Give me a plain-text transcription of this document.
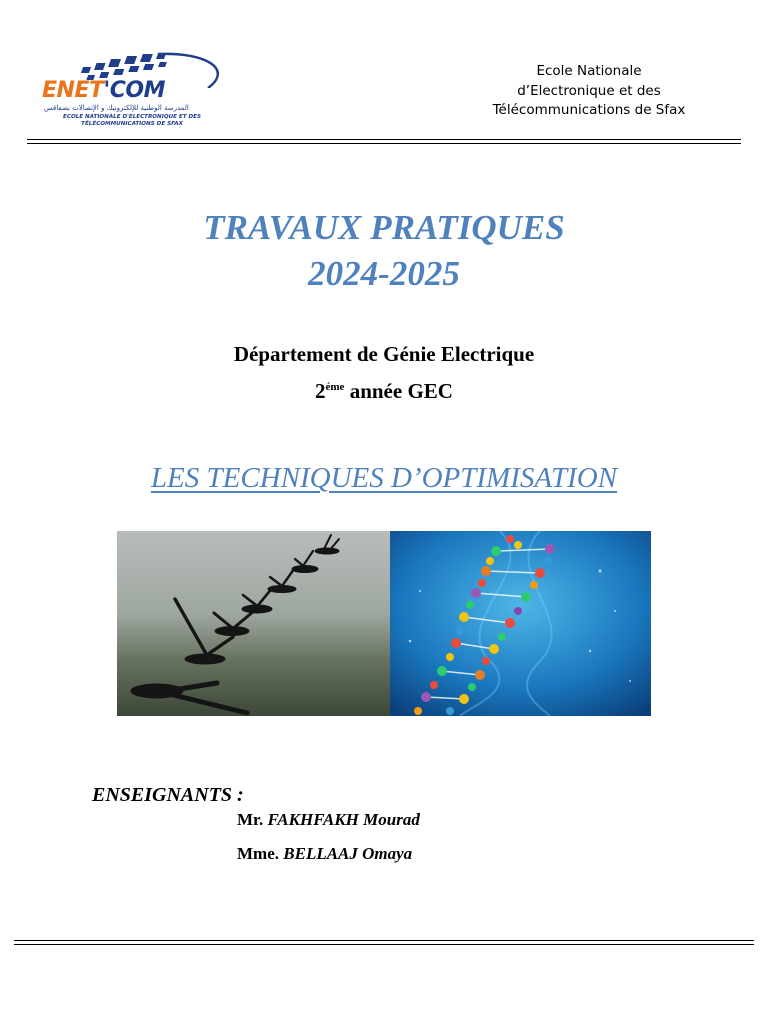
ENET'COM
المدرسة الوطنية للإلكترونيك و الإتصالات بصفاقس
ECOLE NATIONALE D'ELECTRONIQUE ET DES
TÉLÉCOMMUNICATIONS DE SFAX
Ecole Nationale
d’Electronique et des
Télécommunications de Sfax
TRAVAUX PRATIQUES
2024-2025
Département de Génie Electrique
$2^{éme}$ année GEC
LES TECHNIQUES D’OPTIMISATION
ENSEIGNANTS :
Mr. FAKHFAKH Mourad
Mme. BELLAAJ Omaya
